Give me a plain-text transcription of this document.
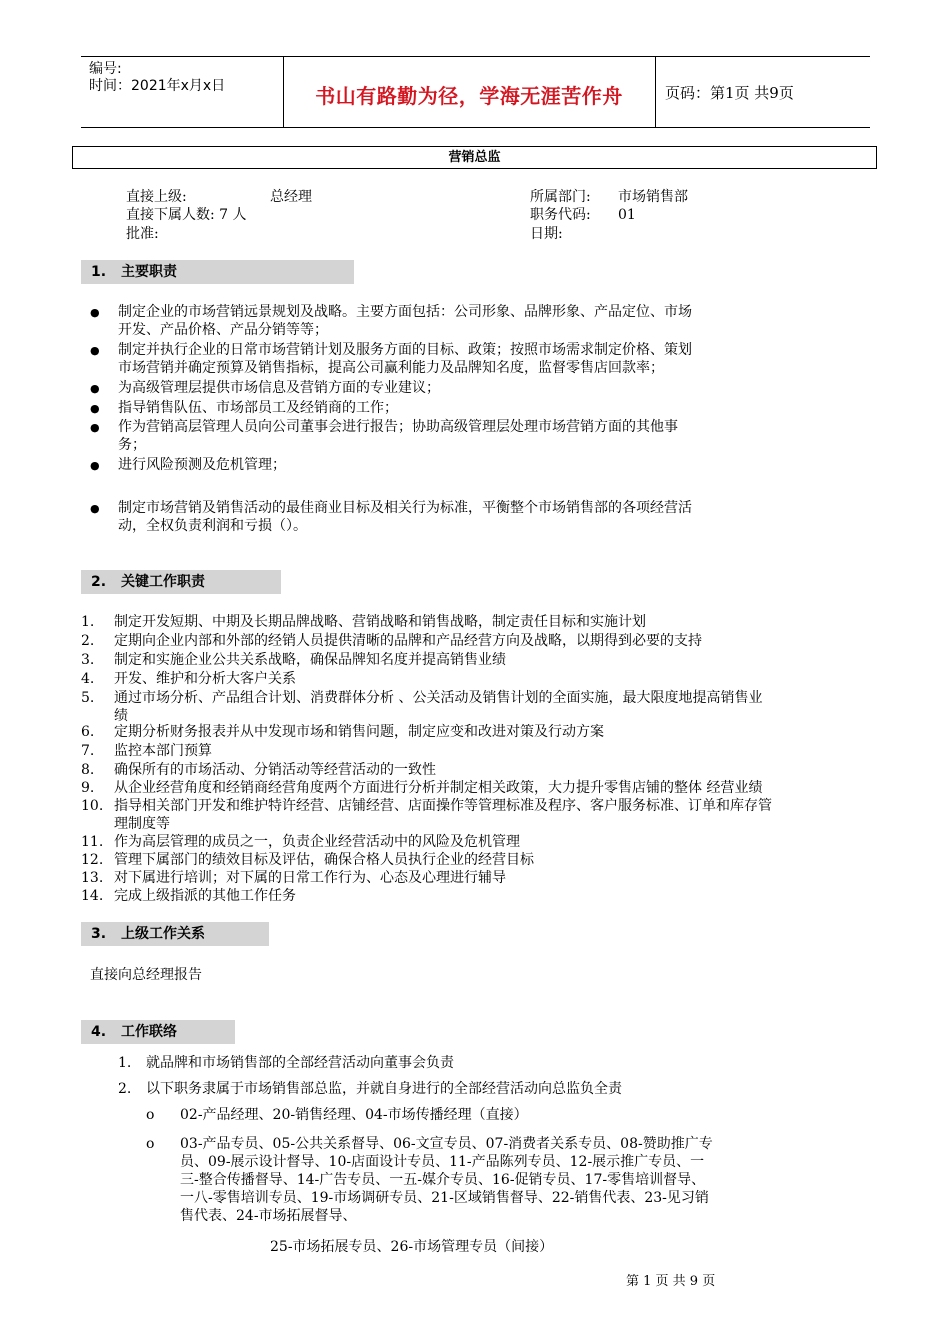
编号:
时间：2021年x月x日	书山有路勤为径，学海无涯苦作舟	页码：第1页 共9页
营销总监
直接上级:	总经理
直接下属人数: 7 人
批准:
所属部门: 市场销售部
职务代码: 01
日期:
1. 主要职责
● 制定企业的市场营销远景规划及战略。主要方面包括：公司形象、品牌形象、产品定位、市场
开发、产品价格、产品分销等等；
● 制定并执行企业的日常市场营销计划及服务方面的目标、政策；按照市场需求制定价格、策划
市场营销并确定预算及销售指标，提高公司赢利能力及品牌知名度，监督零售店回款率；
● 为高级管理层提供市场信息及营销方面的专业建议；
● 指导销售队伍、市场部员工及经销商的工作；
● 作为营销高层管理人员向公司董事会进行报告；协助高级管理层处理市场营销方面的其他事
务；
● 进行风险预测及危机管理；
● 制定市场营销及销售活动的最佳商业目标及相关行为标准，平衡整个市场销售部的各项经营活
动，全权负责利润和亏损（）。
2. 关键工作职责
1. 制定开发短期、中期及长期品牌战略、营销战略和销售战略，制定责任目标和实施计划
2. 定期向企业内部和外部的经销人员提供清晰的品牌和产品经营方向及战略，以期得到必要的支持
3. 制定和实施企业公共关系战略，确保品牌知名度并提高销售业绩
4. 开发、维护和分析大客户关系
5. 通过市场分析、产品组合计划、消费群体分析 、公关活动及销售计划的全面实施，最大限度地提高销售业
绩
6. 定期分析财务报表并从中发现市场和销售问题，制定应变和改进对策及行动方案
7. 监控本部门预算
8. 确保所有的市场活动、分销活动等经营活动的一致性
9. 从企业经营角度和经销商经营角度两个方面进行分析并制定相关政策，大力提升零售店铺的整体 经营业绩
10. 指导相关部门开发和维护特许经营、店铺经营、店面操作等管理标准及程序、客户服务标准、订单和库存管
理制度等
11. 作为高层管理的成员之一，负责企业经营活动中的风险及危机管理
12. 管理下属部门的绩效目标及评估，确保合格人员执行企业的经营目标
13. 对下属进行培训；对下属的日常工作行为、心态及心理进行辅导
14. 完成上级指派的其他工作任务
3. 上级工作关系
直接向总经理报告
4. 工作联络
1. 就品牌和市场销售部的全部经营活动向董事会负责
2. 以下职务隶属于市场销售部总监，并就自身进行的全部经营活动向总监负全责
o 02-产品经理、20-销售经理、04-市场传播经理（直接）
o 03-产品专员、05-公共关系督导、06-文宣专员、07-消费者关系专员、08-赞助推广专
员、09-展示设计督导、10-店面设计专员、11-产品陈列专员、12-展示推广专员、一
三-整合传播督导、14-广告专员、一五-媒介专员、16-促销专员、17-零售培训督导、
一八-零售培训专员、19-市场调研专员、21-区域销售督导、22-销售代表、23-见习销
售代表、24-市场拓展督导、
25-市场拓展专员、26-市场管理专员（间接）
第 1 页 共 9 页
